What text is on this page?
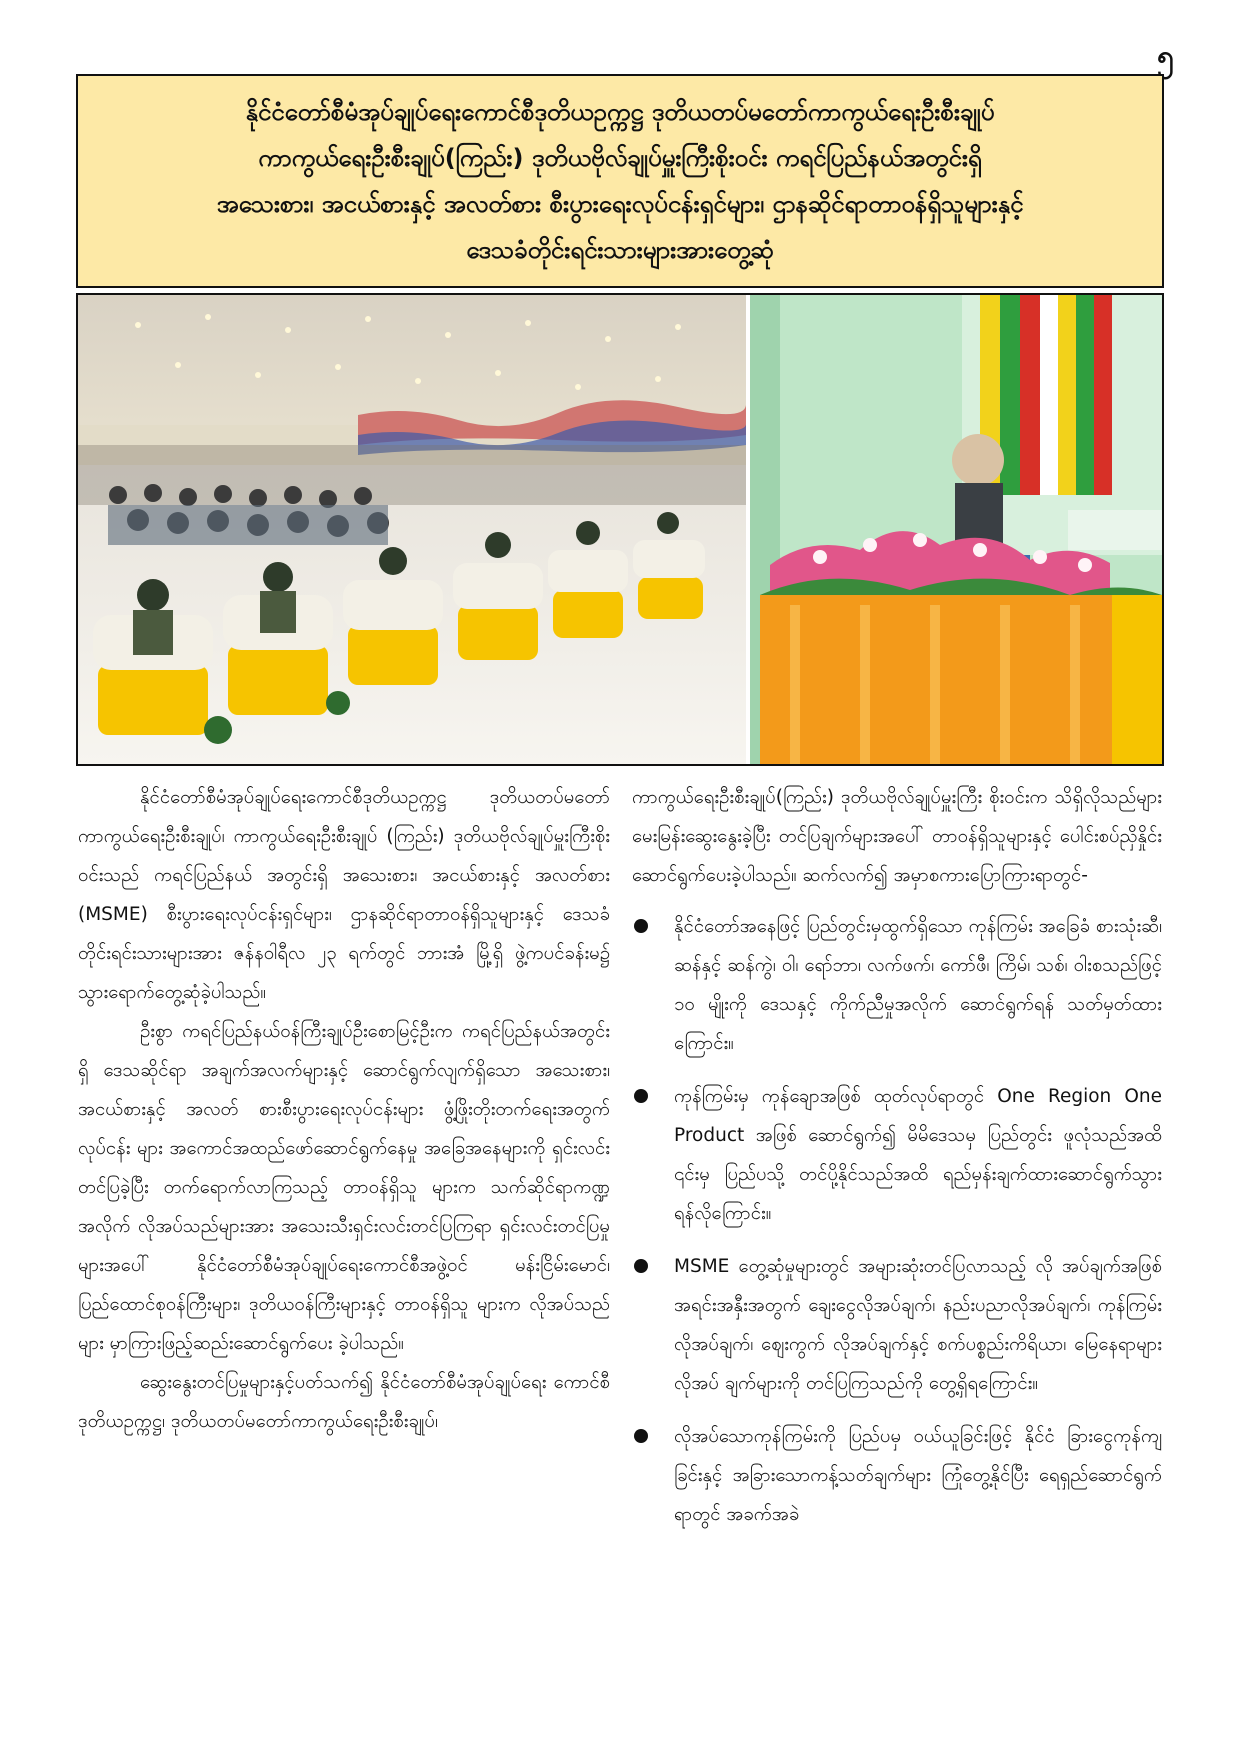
၅
နိုင်ငံတော်စီမံအုပ်ချုပ်ရေးကောင်စီဒုတိယဥက္ကဋ္ဌ ဒုတိယတပ်မတော်ကာကွယ်ရေးဦးစီးချုပ်
ကာကွယ်ရေးဦးစီးချုပ်(ကြည်း) ဒုတိယဗိုလ်ချုပ်မှူးကြီးစိုးဝင်း ကရင်ပြည်နယ်အတွင်းရှိ
အသေးစား၊ အငယ်စားနှင့် အလတ်စား စီးပွားရေးလုပ်ငန်းရှင်များ၊ ဌာနဆိုင်ရာတာဝန်ရှိသူများနှင့်
ဒေသခံတိုင်းရင်းသားများအားတွေ့ဆုံ

နိုင်ငံတော်စီမံအုပ်ချုပ်ရေးကောင်စီဒုတိယဥက္ကဋ္ဌ ဒုတိယတပ်မတော်ကာကွယ်ရေးဦးစီးချုပ်၊ ကာကွယ်ရေးဦးစီးချုပ် (ကြည်း) ဒုတိယဗိုလ်ချုပ်မှူးကြီးစိုးဝင်းသည် ကရင်ပြည်နယ် အတွင်းရှိ အသေးစား၊ အငယ်စားနှင့် အလတ်စား (MSME) စီးပွားရေးလုပ်ငန်းရှင်များ၊ ဌာနဆိုင်ရာတာဝန်ရှိသူများနှင့် ဒေသခံတိုင်းရင်းသားများအား ဇန်နဝါရီလ ၂၃ ရက်တွင် ဘားအံ မြို့ရှိ ဖွဲ့ကပင်ခန်းမ၌ သွားရောက်တွေ့ဆုံခဲ့ပါသည်။

ဦးစွာ ကရင်ပြည်နယ်ဝန်ကြီးချုပ်ဦးစောမြင့်ဦးက ကရင်ပြည်နယ်အတွင်းရှိ ဒေသဆိုင်ရာ အချက်အလက်များနှင့် ဆောင်ရွက်လျက်ရှိသော အသေးစား၊ အငယ်စားနှင့် အလတ် စားစီးပွားရေးလုပ်ငန်းများ ဖွံ့ဖြိုးတိုးတက်ရေးအတွက် လုပ်ငန်း များ အကောင်အထည်ဖော်ဆောင်ရွက်နေမှု အခြေအနေများကို ရှင်းလင်းတင်ပြခဲ့ပြီး တက်ရောက်လာကြသည့် တာဝန်ရှိသူ များက သက်ဆိုင်ရာကဏ္ဍအလိုက် လိုအပ်သည်များအား အသေးသီးရှင်းလင်းတင်ပြကြရာ ရှင်းလင်းတင်ပြမှုများအပေါ် နိုင်ငံတော်စီမံအုပ်ချုပ်ရေးကောင်စီအဖွဲ့ဝင် မန်းငြိမ်းမောင်၊ ပြည်ထောင်စုဝန်ကြီးများ၊ ဒုတိယဝန်ကြီးများနှင့် တာဝန်ရှိသူ များက လိုအပ်သည်များ မှာကြားဖြည့်ဆည်းဆောင်ရွက်ပေး ခဲ့ပါသည်။

ဆွေးနွေးတင်ပြမှုများနှင့်ပတ်သက်၍ နိုင်ငံတော်စီမံအုပ်ချုပ်ရေး ကောင်စီဒုတိယဥက္ကဋ္ဌ၊ ဒုတိယတပ်မတော်ကာကွယ်ရေးဦးစီးချုပ်၊

ကာကွယ်ရေးဦးစီးချုပ်(ကြည်း) ဒုတိယဗိုလ်ချုပ်မှူးကြီး စိုးဝင်းက သိရှိလိုသည်များ မေးမြန်းဆွေးနွေးခဲ့ပြီး တင်ပြချက်များအပေါ် တာဝန်ရှိသူများနှင့် ပေါင်းစပ်ညှိနှိုင်းဆောင်ရွက်ပေးခဲ့ပါသည်။ ဆက်လက်၍ အမှာစကားပြောကြားရာတွင်-

နိုင်ငံတော်အနေဖြင့် ပြည်တွင်းမှထွက်ရှိသော ကုန်ကြမ်း အခြေခံ စားသုံးဆီ၊ ဆန်နှင့် ဆန်ကွဲ၊ ဝါ၊ ရော်ဘာ၊ လက်ဖက်၊ ကော်ဖီ၊ ကြိမ်၊ သစ်၊ ဝါးစသည်ဖြင့် ၁၀ မျိုးကို ဒေသနှင့် ကိုက်ညီမှုအလိုက် ဆောင်ရွက်ရန် သတ်မှတ်ထားကြောင်း။
ကုန်ကြမ်းမှ ကုန်ချောအဖြစ် ထုတ်လုပ်ရာတွင် One Region One Product အဖြစ် ဆောင်ရွက်၍ မိမိဒေသမှ ပြည်တွင်း ဖူလုံသည်အထိ ၎င်းမှ ပြည်ပသို့ တင်ပို့နိုင်သည်အထိ ရည်မှန်းချက်ထားဆောင်ရွက်သွားရန်လိုကြောင်း။
MSME တွေ့ဆုံမှုများတွင် အများဆုံးတင်ပြလာသည့် လို အပ်ချက်အဖြစ် အရင်းအနှီးအတွက် ချေးငွေလိုအပ်ချက်၊ နည်းပညာလိုအပ်ချက်၊ ကုန်ကြမ်းလိုအပ်ချက်၊ ဈေးကွက် လိုအပ်ချက်နှင့် စက်ပစ္စည်းကိရိယာ၊ မြေနေရာများလိုအပ် ချက်များကို တင်ပြကြသည်ကို တွေ့ရှိရကြောင်း။
လိုအပ်သောကုန်ကြမ်းကို ပြည်ပမှ ဝယ်ယူခြင်းဖြင့် နိုင်ငံ ခြားငွေကုန်ကျခြင်းနှင့် အခြားသောကန့်သတ်ချက်များ ကြုံတွေ့နိုင်ပြီး ရေရှည်ဆောင်ရွက်ရာတွင် အခက်အခဲ
